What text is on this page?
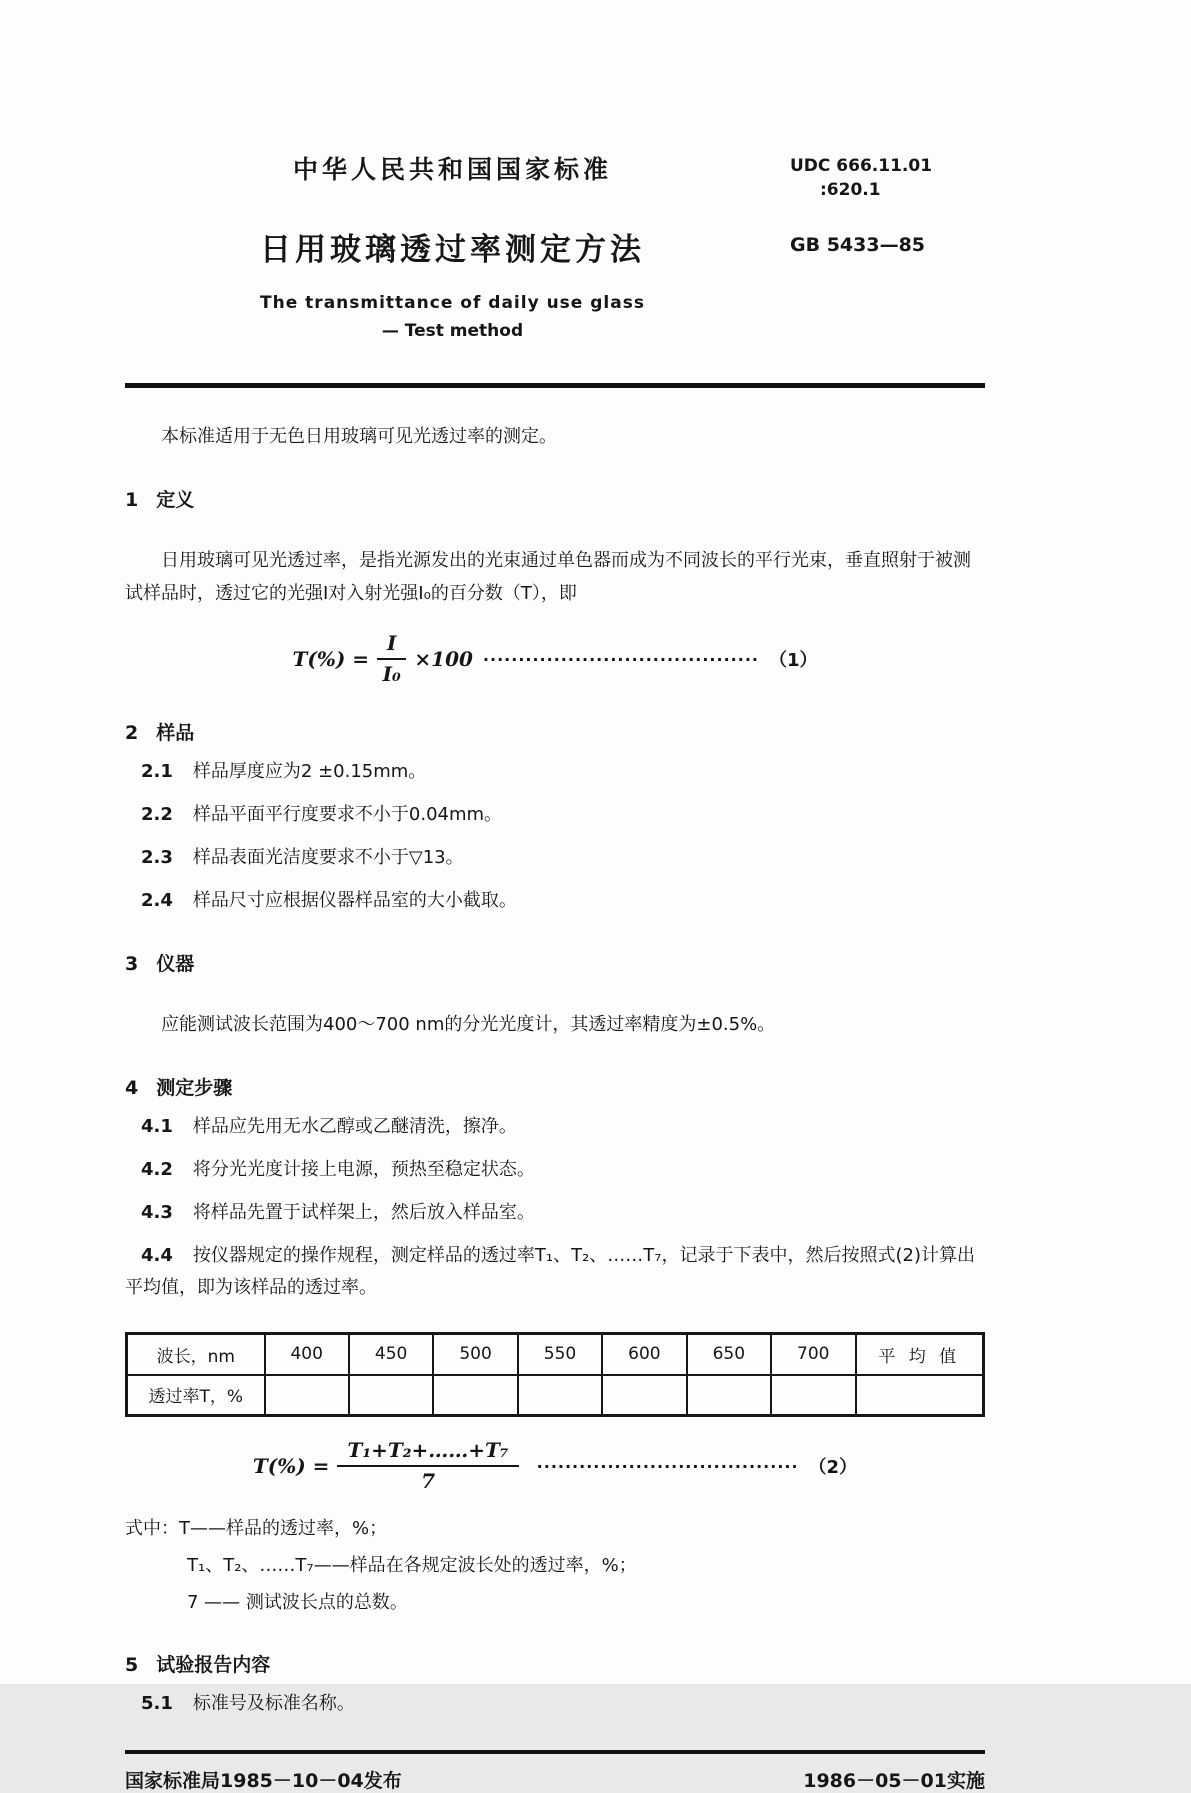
中华人民共和国国家标准
日用玻璃透过率测定方法
The transmittance of daily use glass
— Test method
UDC 666.11.01
:620.1
GB 5433—85

本标准适用于无色日用玻璃可见光透过率的测定。

1 定义

日用玻璃可见光透过率，是指光源发出的光束通过单色器而成为不同波长的平行光束，垂直照射于被测试样品时，透过它的光强I对入射光强I₀的百分数（T），即

$T(\%) = \frac{I}{\text{I₀}} \times 100$ ······································· （1）
2 样品
2.1 样品厚度应为2 ±0.15mm。
2.2 样品平面平行度要求不小于0.04mm。
2.3 样品表面光洁度要求不小于▽13。
2.4 样品尺寸应根据仪器样品室的大小截取。
3 仪器

应能测试波长范围为400～700 nm的分光光度计，其透过率精度为±0.5%。

4 测定步骤
4.1 样品应先用无水乙醇或乙醚清洗，擦净。
4.2 将分光光度计接上电源，预热至稳定状态。
4.3 将样品先置于试样架上，然后放入样品室。
4.4 按仪器规定的操作规程，测定样品的透过率T₁、T₂、……T₇，记录于下表中，然后按照式(2)计算出平均值，即为该样品的透过率。
波长，nm	400	450	500	550	600	650	700	平 均 值
透过率T，%								
$T(\%) = \frac{\text{T₁+T₂+……+T₇}}{7}$ ····································· （2）

式中：T——样品的透过率，%；

T₁、T₂、……T₇——样品在各规定波长处的透过率，%；

7 —— 测试波长点的总数。

5 试验报告内容
5.1 标准号及标准名称。
国家标准局1985－10－04发布	1986－05－01实施
